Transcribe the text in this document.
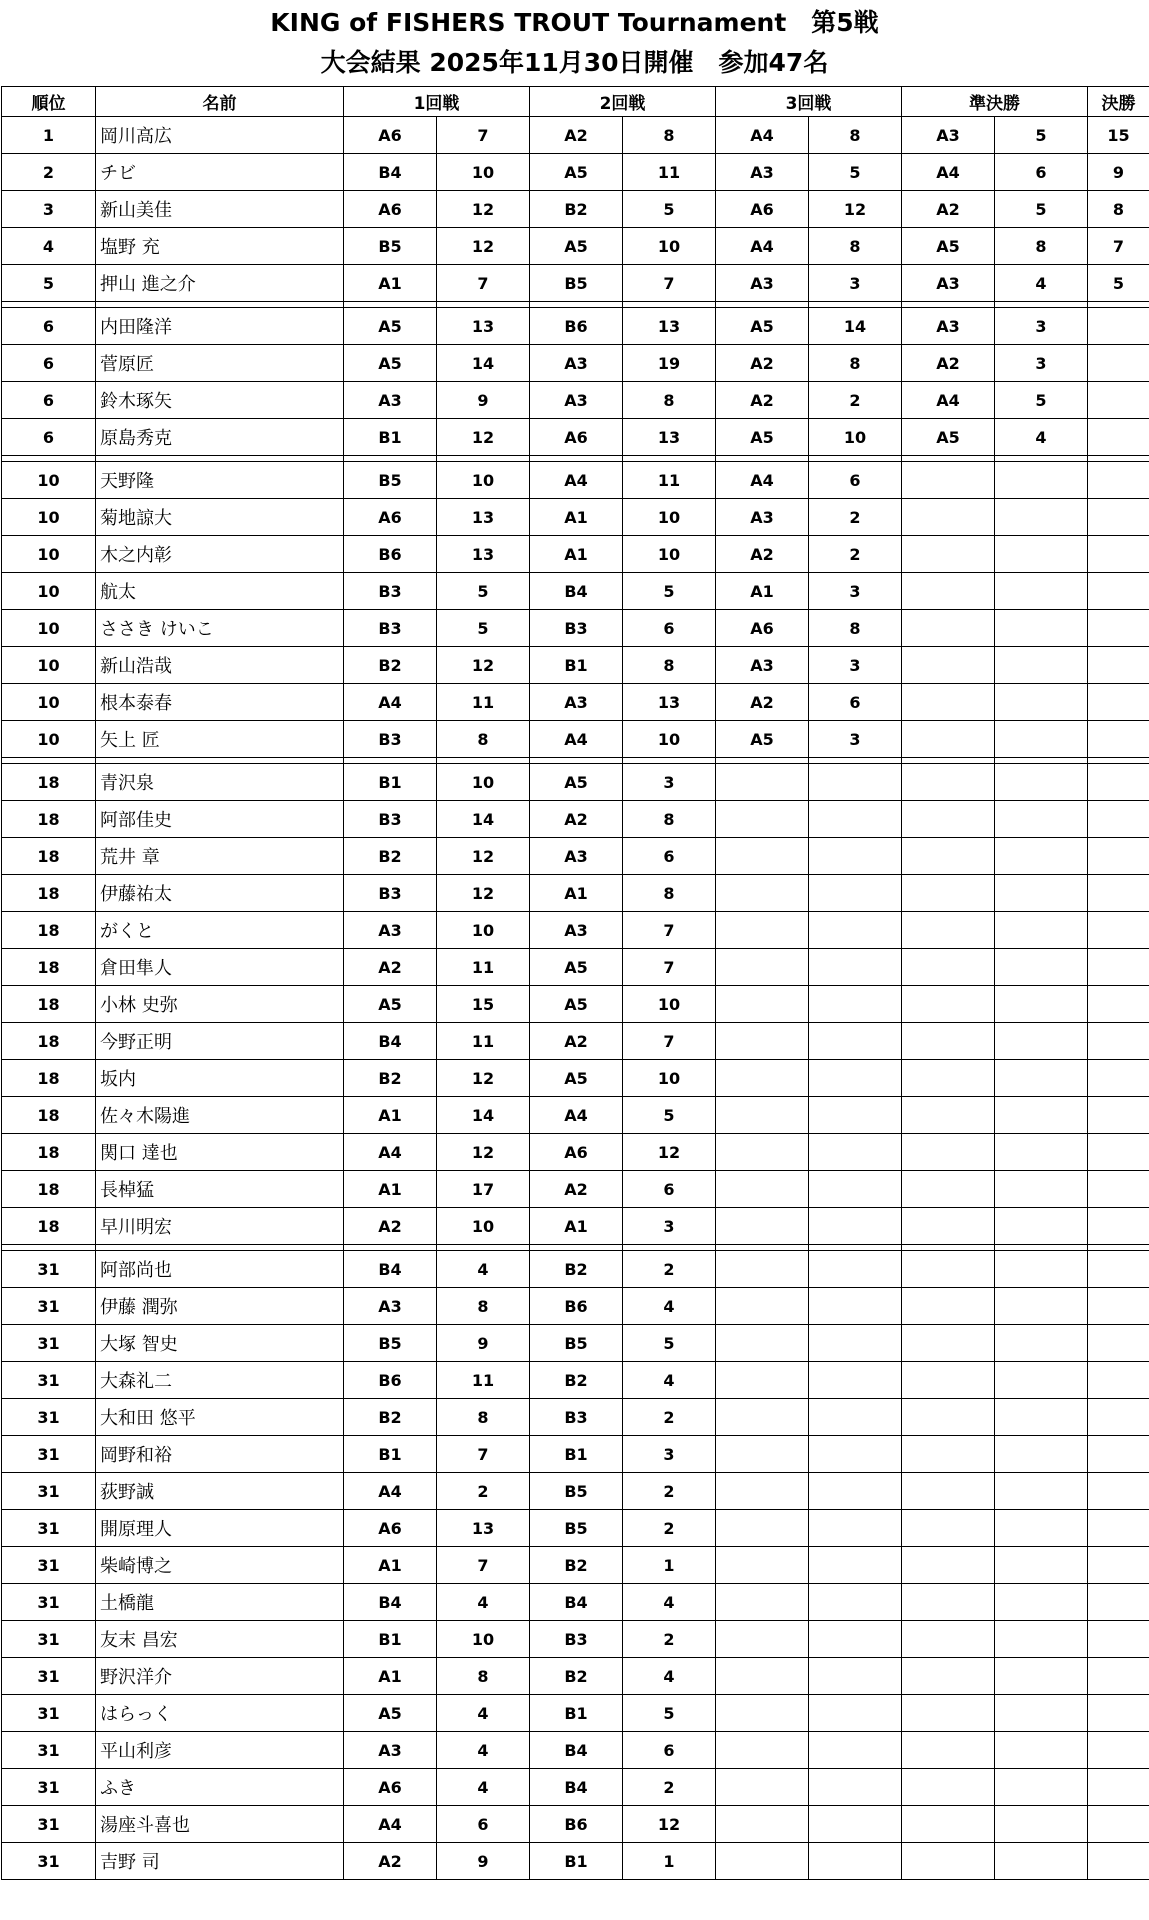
KING of FISHERS TROUT Tournament　第5戦
大会結果 2025年11月30日開催　参加47名
順位	名前	1回戦		2回戦		3回戦		準決勝		決勝
1	岡川高広	A6	7	A2	8	A4	8	A3	5	15
2	チビ	B4	10	A5	11	A3	5	A4	6	9
3	新山美佳	A6	12	B2	5	A6	12	A2	5	8
4	塩野 充	B5	12	A5	10	A4	8	A5	8	7
5	押山 進之介	A1	7	B5	7	A3	3	A3	4	5

6	内田隆洋	A5	13	B6	13	A5	14	A3	3	
6	菅原匠	A5	14	A3	19	A2	8	A2	3	
6	鈴木琢矢	A3	9	A3	8	A2	2	A4	5	
6	原島秀克	B1	12	A6	13	A5	10	A5	4	

10	天野隆	B5	10	A4	11	A4	6			
10	菊地諒大	A6	13	A1	10	A3	2			
10	木之内彰	B6	13	A1	10	A2	2			
10	航太	B3	5	B4	5	A1	3			
10	ささき けいこ	B3	5	B3	6	A6	8			
10	新山浩哉	B2	12	B1	8	A3	3			
10	根本泰春	A4	11	A3	13	A2	6			
10	矢上 匠	B3	8	A4	10	A5	3			

18	青沢泉	B1	10	A5	3					
18	阿部佳史	B3	14	A2	8					
18	荒井 章	B2	12	A3	6					
18	伊藤祐太	B3	12	A1	8					
18	がくと	A3	10	A3	7					
18	倉田隼人	A2	11	A5	7					
18	小林 史弥	A5	15	A5	10					
18	今野正明	B4	11	A2	7					
18	坂内	B2	12	A5	10					
18	佐々木陽進	A1	14	A4	5					
18	関口 達也	A4	12	A6	12					
18	長棹猛	A1	17	A2	6					
18	早川明宏	A2	10	A1	3					

31	阿部尚也	B4	4	B2	2					
31	伊藤 潤弥	A3	8	B6	4					
31	大塚 智史	B5	9	B5	5					
31	大森礼二	B6	11	B2	4					
31	大和田 悠平	B2	8	B3	2					
31	岡野和裕	B1	7	B1	3					
31	荻野誠	A4	2	B5	2					
31	開原理人	A6	13	B5	2					
31	柴崎博之	A1	7	B2	1					
31	土橋龍	B4	4	B4	4					
31	友末 昌宏	B1	10	B3	2					
31	野沢洋介	A1	8	B2	4					
31	はらっく	A5	4	B1	5					
31	平山利彦	A3	4	B4	6					
31	ふき	A6	4	B4	2					
31	湯座斗喜也	A4	6	B6	12					
31	吉野 司	A2	9	B1	1					
